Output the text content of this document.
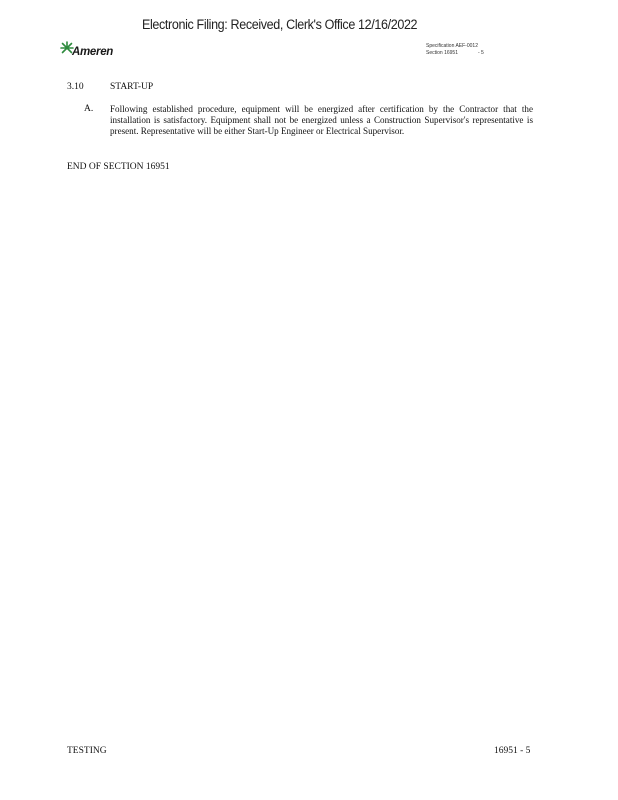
Electronic Filing: Received, Clerk's Office 12/16/2022
Ameren	Specification AEF-0012
Section 16951	- 5
3.10	START-UP
A. Following established procedure, equipment will be energized after certification by the Contractor that the installation is satisfactory. Equipment shall not be energized unless a Construction Supervisor's representative is present. Representative will be either Start-Up Engineer or Electrical Supervisor.
END OF SECTION 16951
TESTING	16951 - 5
